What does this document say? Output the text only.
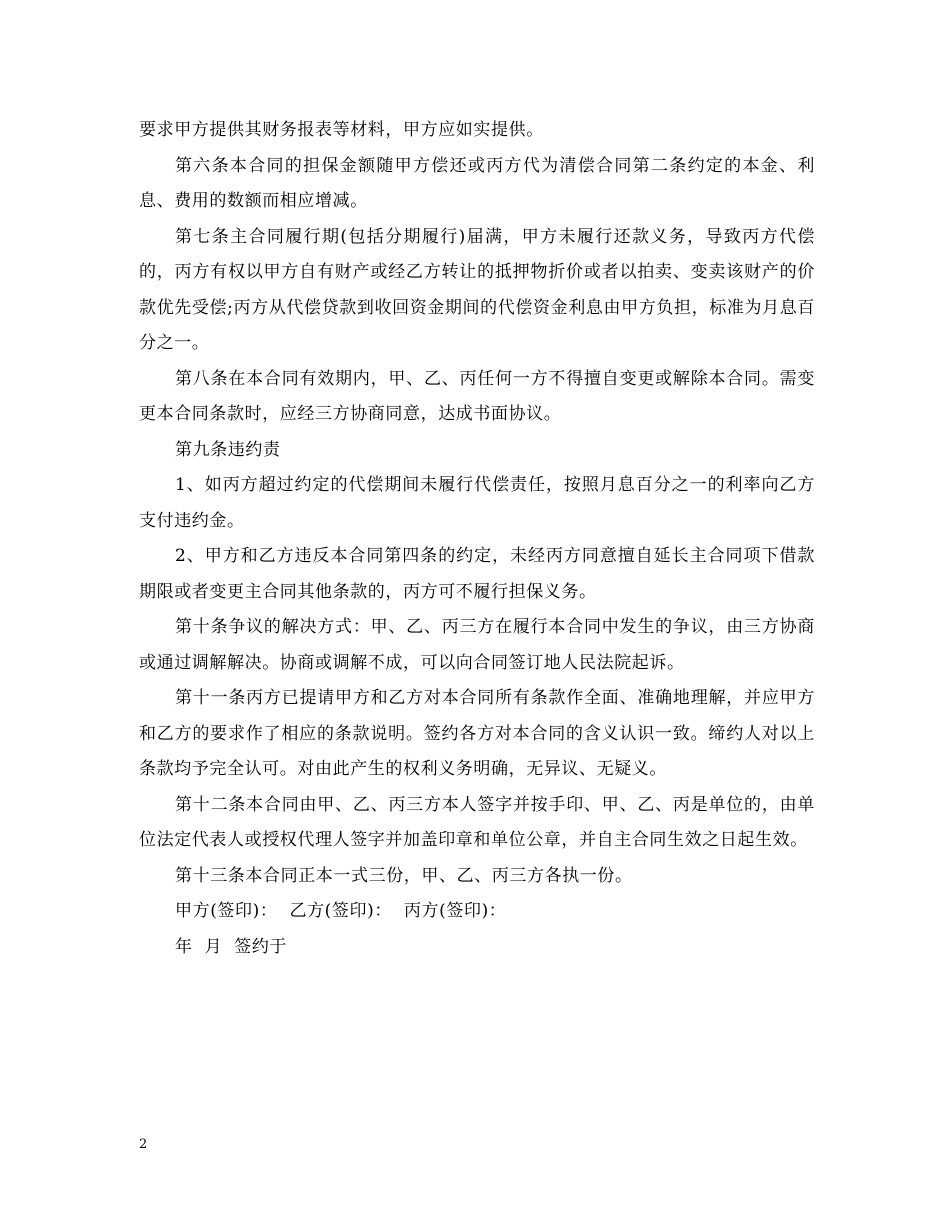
要求甲方提供其财务报表等材料，甲方应如实提供。

第六条本合同的担保金额随甲方偿还或丙方代为清偿合同第二条约定的本金、利息、费用的数额而相应增减。

第七条主合同履行期(包括分期履行)届满，甲方未履行还款义务，导致丙方代偿的，丙方有权以甲方自有财产或经乙方转让的抵押物折价或者以拍卖、变卖该财产的价款优先受偿;丙方从代偿贷款到收回资金期间的代偿资金利息由甲方负担，标准为月息百分之一。

第八条在本合同有效期内，甲、乙、丙任何一方不得擅自变更或解除本合同。需变更本合同条款时，应经三方协商同意，达成书面协议。

第九条违约责

1、如丙方超过约定的代偿期间未履行代偿责任，按照月息百分之一的利率向乙方支付违约金。

2、甲方和乙方违反本合同第四条的约定，未经丙方同意擅自延长主合同项下借款期限或者变更主合同其他条款的，丙方可不履行担保义务。

第十条争议的解决方式：甲、乙、丙三方在履行本合同中发生的争议，由三方协商或通过调解解决。协商或调解不成，可以向合同签订地人民法院起诉。

第十一条丙方已提请甲方和乙方对本合同所有条款作全面、准确地理解，并应甲方和乙方的要求作了相应的条款说明。签约各方对本合同的含义认识一致。缔约人对以上条款均予完全认可。对由此产生的权利义务明确，无异议、无疑义。

第十二条本合同由甲、乙、丙三方本人签字并按手印、甲、乙、丙是单位的，由单位法定代表人或授权代理人签字并加盖印章和单位公章，并自主合同生效之日起生效。

第十三条本合同正本一式三份，甲、乙、丙三方各执一份。

甲方(签印)：  乙方(签印)：  丙方(签印)：

年  月  签约于

2
